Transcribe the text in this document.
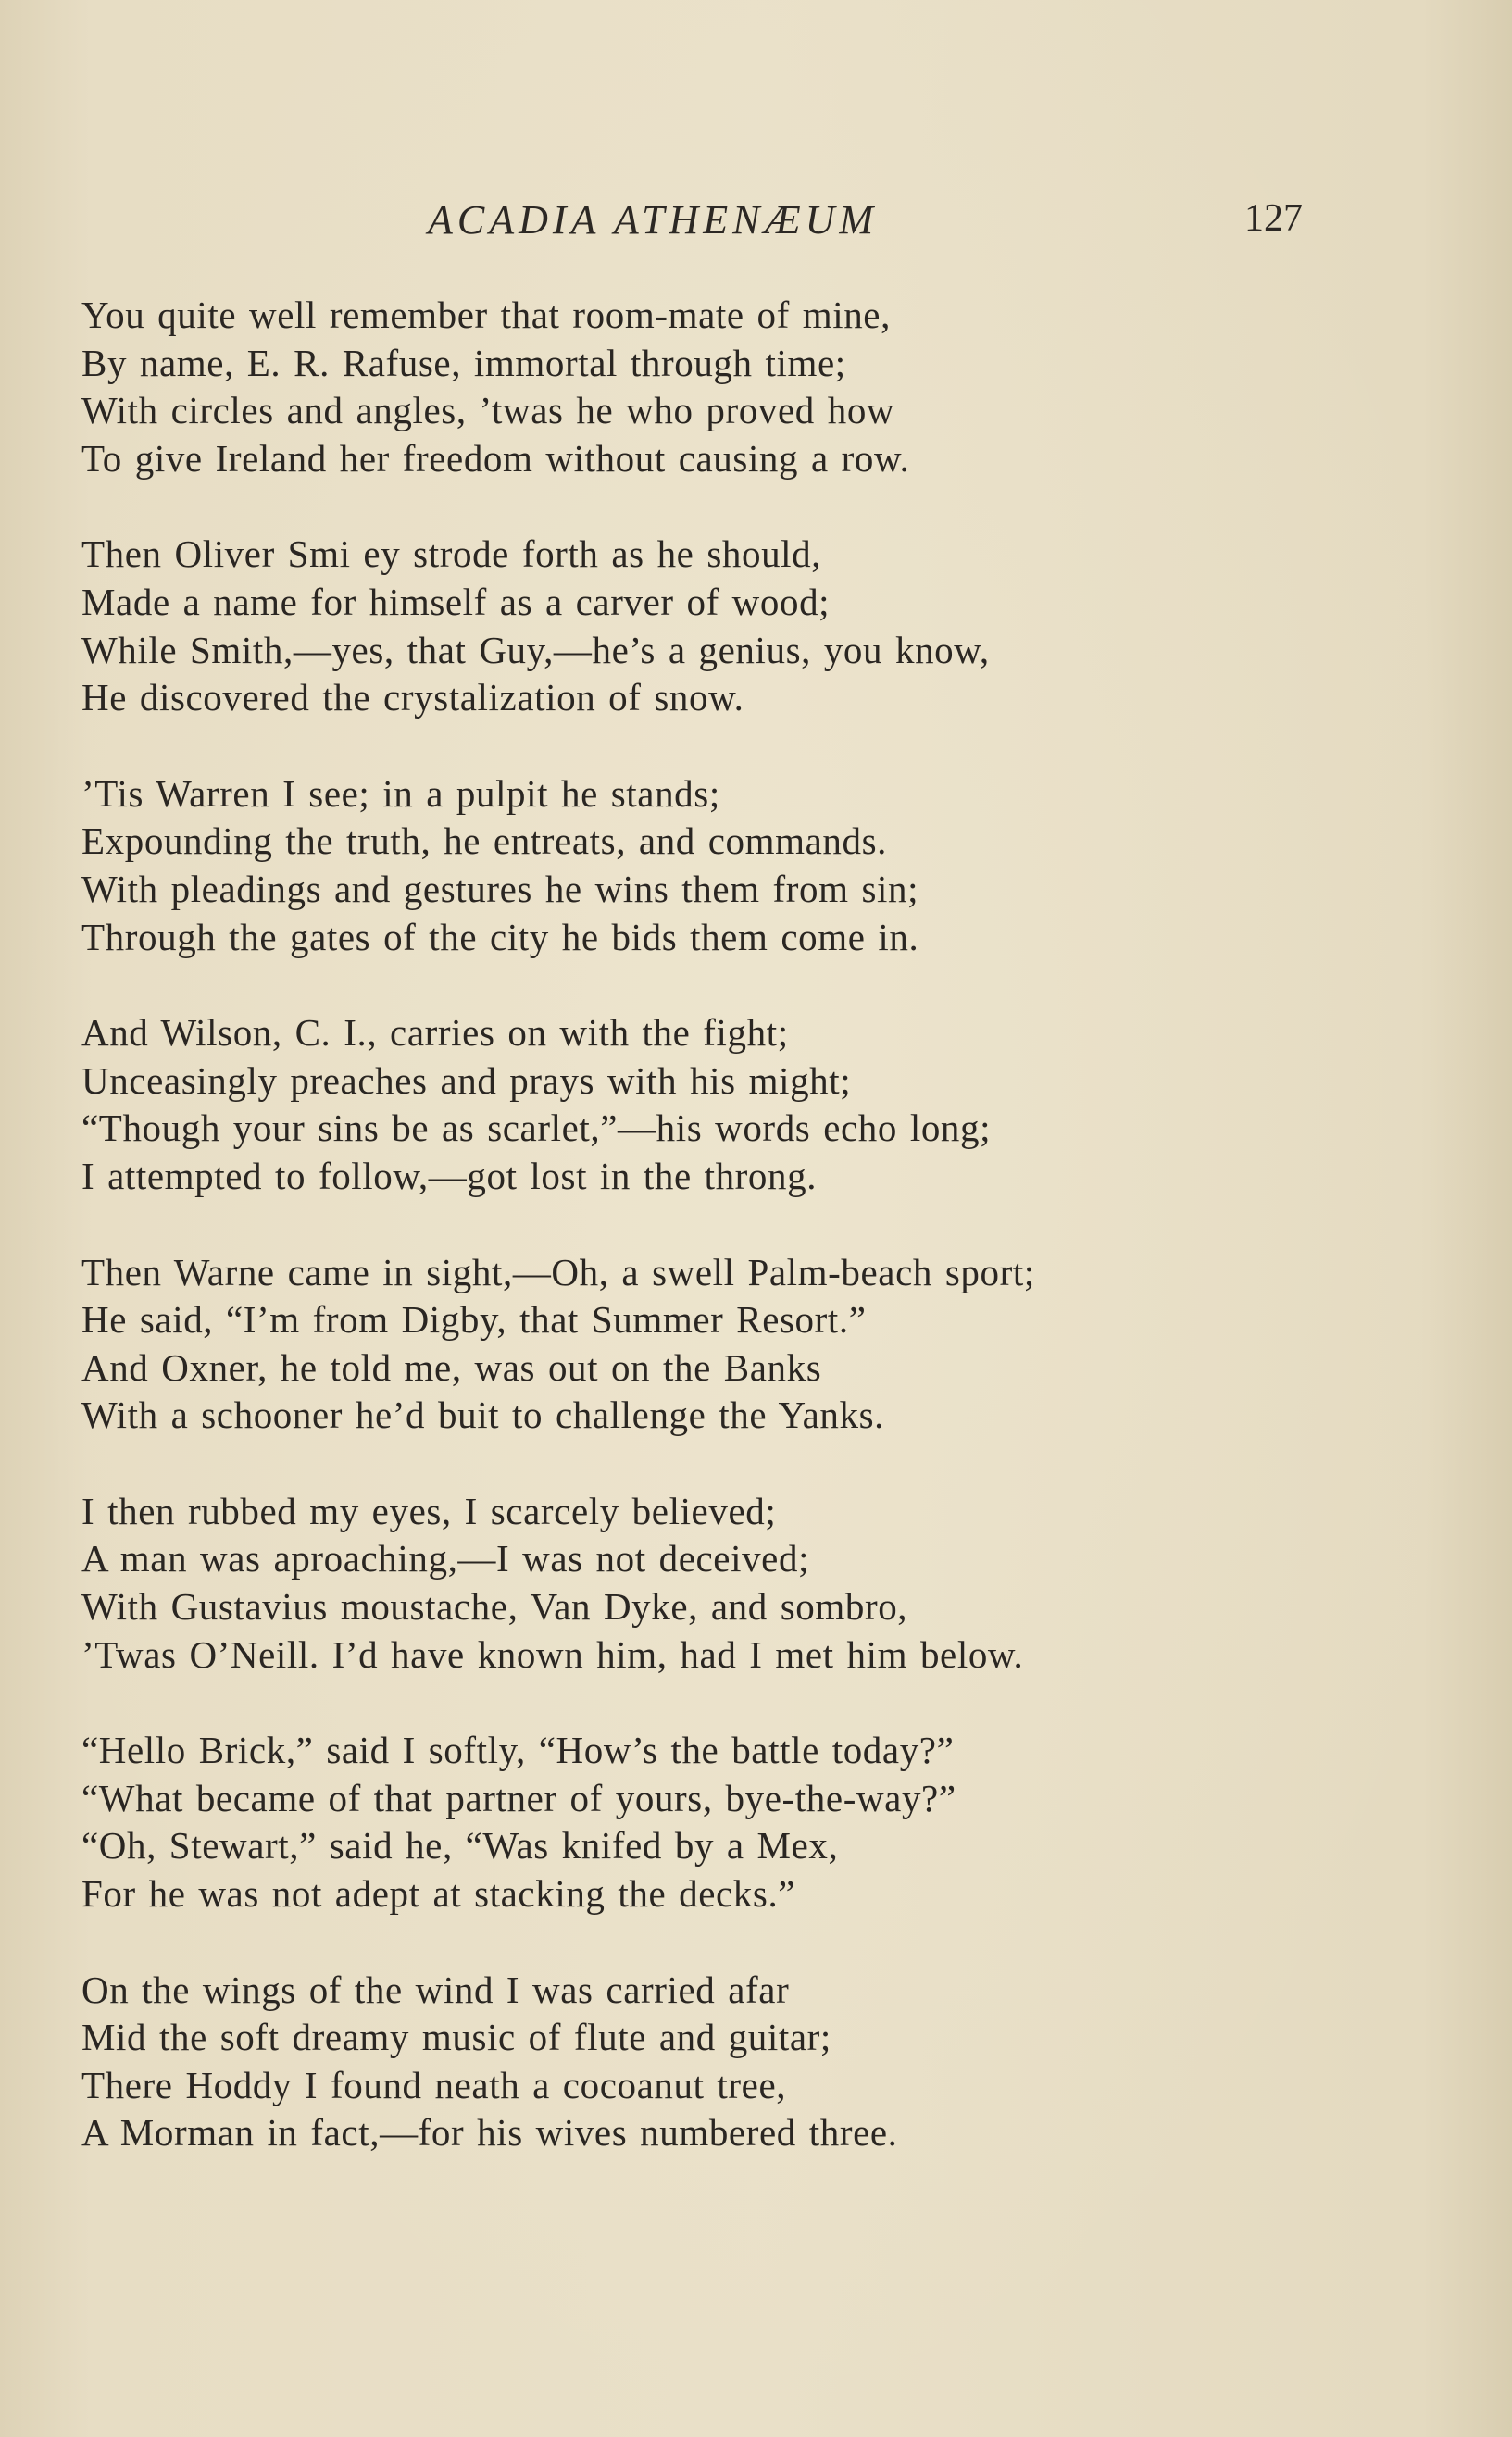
ACADIA ATHENÆUM	127
You quite well remember that room-mate of mine,
By name, E. R. Rafuse, immortal through time;
With circles and angles, ’twas he who proved how
To give Ireland her freedom without causing a row.
Then Oliver Smi ey strode forth as he should,
Made a name for himself as a carver of wood;
While Smith,—yes, that Guy,—he’s a genius, you know,
He discovered the crystalization of snow.
’Tis Warren I see; in a pulpit he stands;
Expounding the truth, he entreats, and commands.
With pleadings and gestures he wins them from sin;
Through the gates of the city he bids them come in.
And Wilson, C. I., carries on with the fight;
Unceasingly preaches and prays with his might;
“Though your sins be as scarlet,”—his words echo long;
I attempted to follow,—got lost in the throng.
Then Warne came in sight,—Oh, a swell Palm-beach sport;
He said, “I’m from Digby, that Summer Resort.”
And Oxner, he told me, was out on the Banks
With a schooner he’d buit to challenge the Yanks.
I then rubbed my eyes, I scarcely believed;
A man was aproaching,—I was not deceived;
With Gustavius moustache, Van Dyke, and sombro,
’Twas O’Neill. I’d have known him, had I met him below.
“Hello Brick,” said I softly, “How’s the battle today?”
“What became of that partner of yours, bye-the-way?”
“Oh, Stewart,” said he, “Was knifed by a Mex,
For he was not adept at stacking the decks.”
On the wings of the wind I was carried afar
Mid the soft dreamy music of flute and guitar;
There Hoddy I found neath a cocoanut tree,
A Morman in fact,—for his wives numbered three.
